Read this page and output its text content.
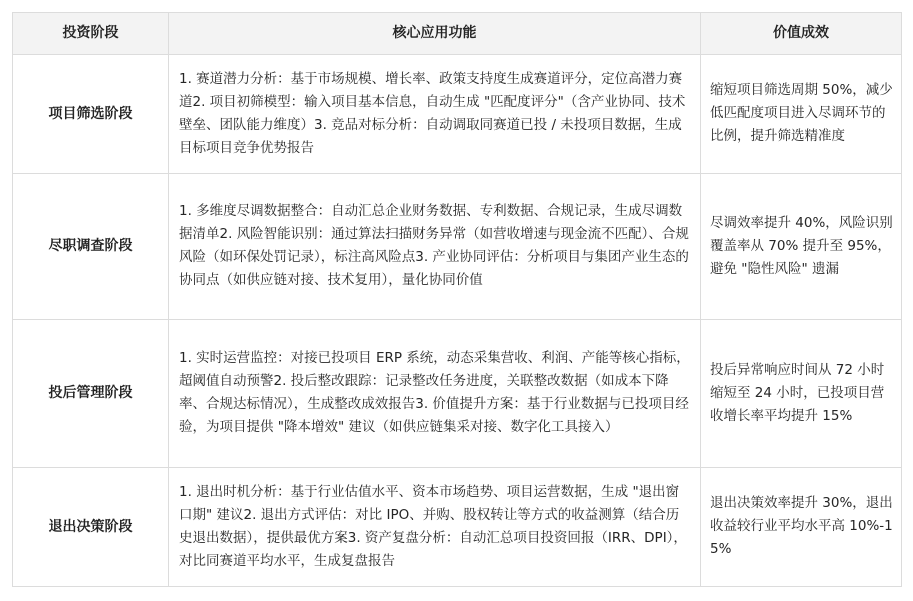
投资阶段	核心应用功能	价值成效
项目筛选阶段	1. 赛道潜力分析：基于市场规模、增长率、政策支持度生成赛道评分，定位高潜力赛道2. 项目初筛模型：输入项目基本信息，自动生成 "匹配度评分"（含产业协同、技术壁垒、团队能力维度）3. 竞品对标分析：自动调取同赛道已投 / 未投项目数据，生成目标项目竞争优势报告	缩短项目筛选周期 50%，减少低匹配度项目进入尽调环节的比例，提升筛选精准度
尽职调查阶段	1. 多维度尽调数据整合：自动汇总企业财务数据、专利数据、合规记录，生成尽调数据清单2. 风险智能识别：通过算法扫描财务异常（如营收增速与现金流不匹配）、合规风险（如环保处罚记录），标注高风险点3. 产业协同评估：分析项目与集团产业生态的协同点（如供应链对接、技术复用），量化协同价值	尽调效率提升 40%，风险识别覆盖率从 70% 提升至 95%，避免 "隐性风险" 遗漏
投后管理阶段	1. 实时运营监控：对接已投项目 ERP 系统，动态采集营收、利润、产能等核心指标，超阈值自动预警2. 投后整改跟踪：记录整改任务进度，关联整改数据（如成本下降率、合规达标情况），生成整改成效报告3. 价值提升方案：基于行业数据与已投项目经验，为项目提供 "降本增效" 建议（如供应链集采对接、数字化工具接入）	投后异常响应时间从 72 小时缩短至 24 小时，已投项目营收增长率平均提升 15%
退出决策阶段	1. 退出时机分析：基于行业估值水平、资本市场趋势、项目运营数据，生成 "退出窗口期" 建议2. 退出方式评估：对比 IPO、并购、股权转让等方式的收益测算（结合历史退出数据），提供最优方案3. 资产复盘分析：自动汇总项目投资回报（IRR、DPI），对比同赛道平均水平，生成复盘报告	退出决策效率提升 30%，退出收益较行业平均水平高 10%-15%
